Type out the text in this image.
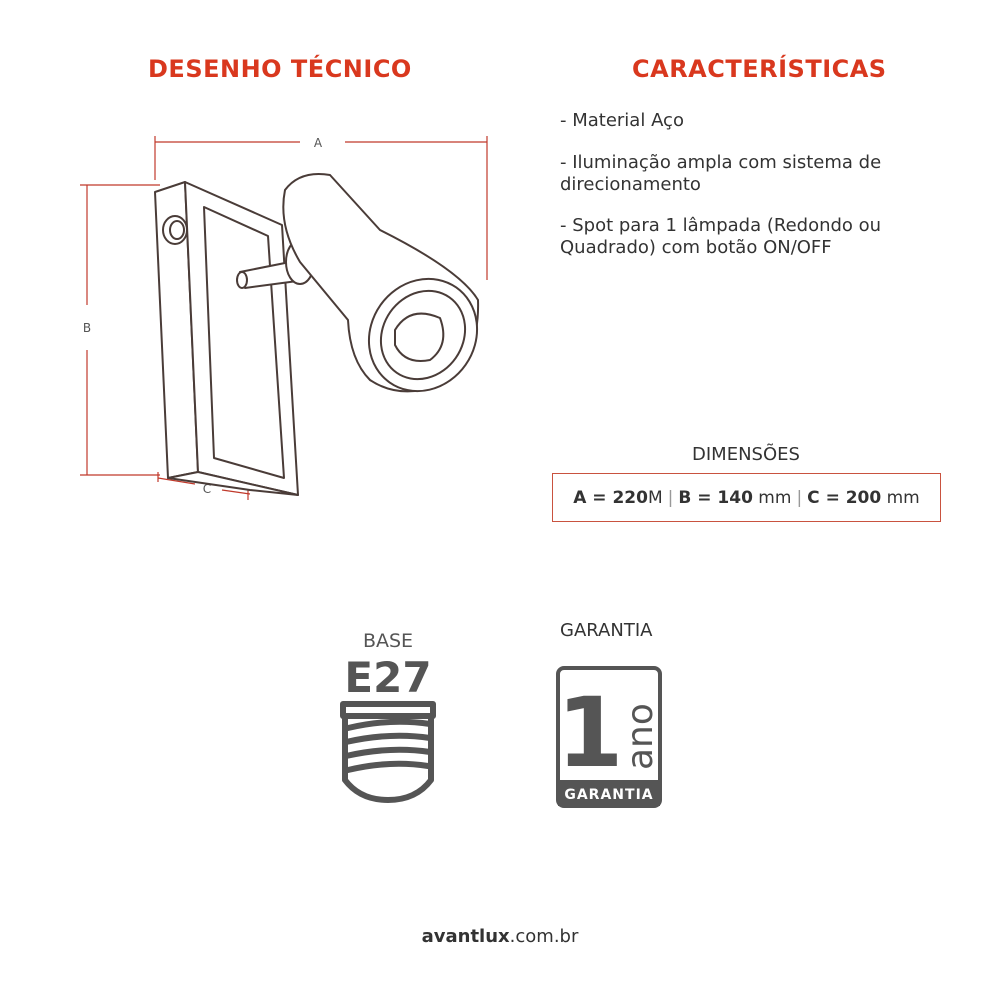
DESENHO TÉCNICO	CARACTERÍSTICAS
A
B
C
- Material Aço
- Iluminação ampla com sistema de direcionamento
- Spot para 1 lâmpada (Redondo ou Quadrado) com botão ON/OFF
DIMENSÕES
A = 220 M | B = 140 mm | C = 200 mm
BASE
E27
GARANTIA
1
ano
GARANTIA
avantlux.com.br
